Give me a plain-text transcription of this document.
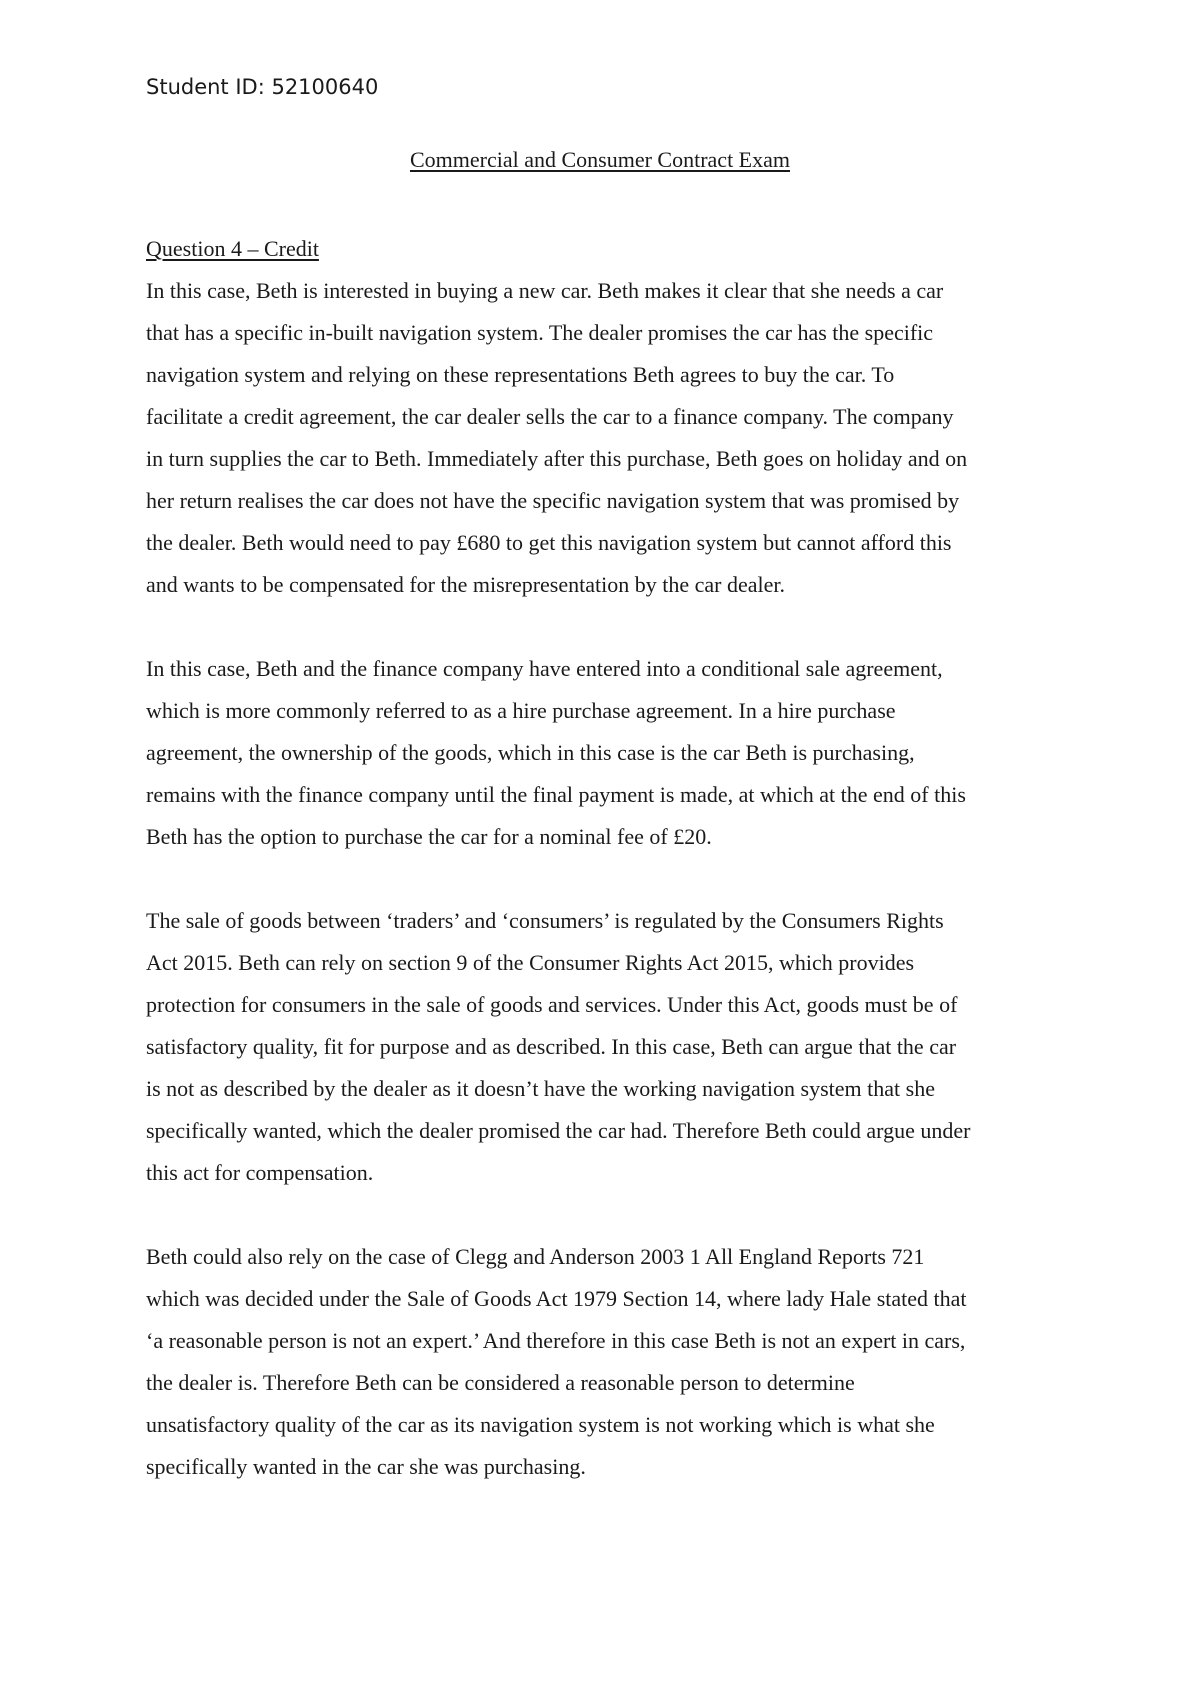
Student ID: 52100640
Commercial and Consumer Contract Exam
Question 4 – Credit

In this case, Beth is interested in buying a new car. Beth makes it clear that she needs a car
that has a specific in-built navigation system. The dealer promises the car has the specific
navigation system and relying on these representations Beth agrees to buy the car. To
facilitate a credit agreement, the car dealer sells the car to a finance company. The company
in turn supplies the car to Beth. Immediately after this purchase, Beth goes on holiday and on
her return realises the car does not have the specific navigation system that was promised by
the dealer. Beth would need to pay £680 to get this navigation system but cannot afford this
and wants to be compensated for the misrepresentation by the car dealer.

In this case, Beth and the finance company have entered into a conditional sale agreement,
which is more commonly referred to as a hire purchase agreement. In a hire purchase
agreement, the ownership of the goods, which in this case is the car Beth is purchasing,
remains with the finance company until the final payment is made, at which at the end of this
Beth has the option to purchase the car for a nominal fee of £20.

The sale of goods between ‘traders’ and ‘consumers’ is regulated by the Consumers Rights
Act 2015. Beth can rely on section 9 of the Consumer Rights Act 2015, which provides
protection for consumers in the sale of goods and services. Under this Act, goods must be of
satisfactory quality, fit for purpose and as described. In this case, Beth can argue that the car
is not as described by the dealer as it doesn’t have the working navigation system that she
specifically wanted, which the dealer promised the car had. Therefore Beth could argue under
this act for compensation.

Beth could also rely on the case of Clegg and Anderson 2003 1 All England Reports 721
which was decided under the Sale of Goods Act 1979 Section 14, where lady Hale stated that
‘a reasonable person is not an expert.’ And therefore in this case Beth is not an expert in cars,
the dealer is. Therefore Beth can be considered a reasonable person to determine
unsatisfactory quality of the car as its navigation system is not working which is what she
specifically wanted in the car she was purchasing.
